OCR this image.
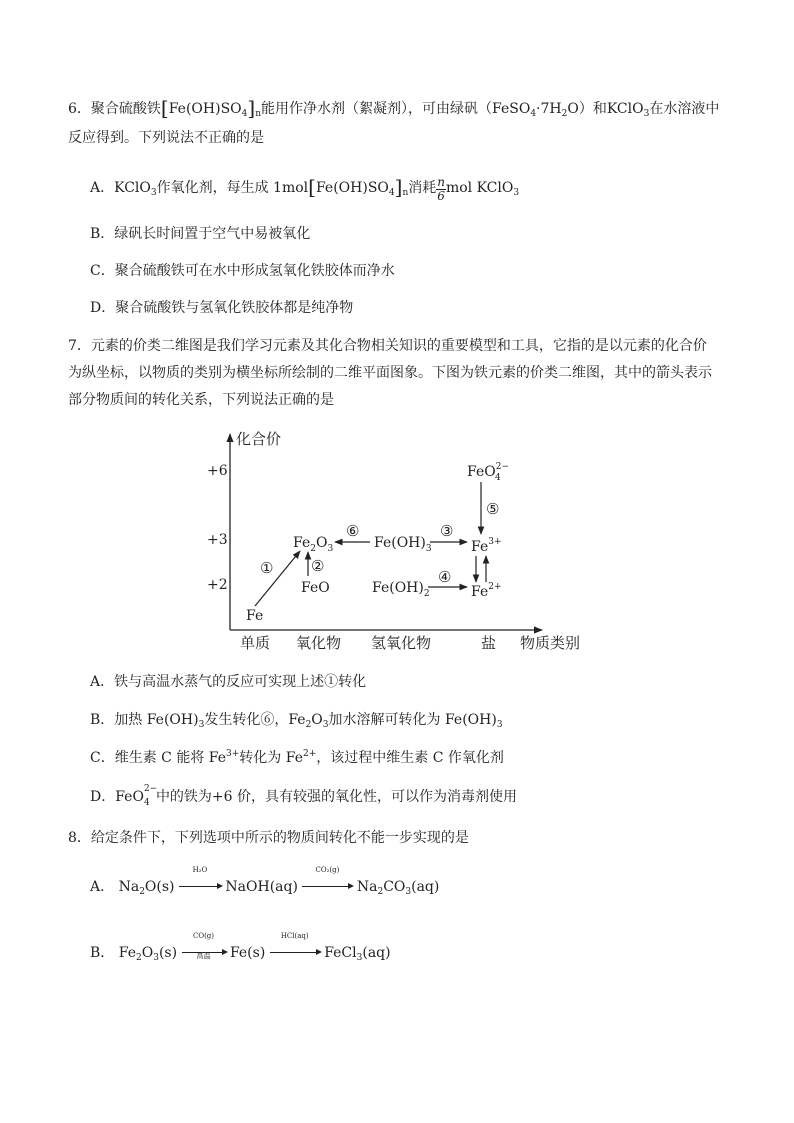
6．聚合硫酸铁$[Fe(OH)SO_4]_n$能用作净水剂（絮凝剂），可由绿矾$(FeSO_4\cdot 7H_2O)$和KClO$_3$在水溶液中
反应得到。下列说法不正确的是
A．KClO$_3$作氧化剂，每生成 $1mol[Fe(OH)SO_4]_n$消耗 $\frac{n}{6}$ mol KClO$_3$
B．绿矾长时间置于空气中易被氧化
C．聚合硫酸铁可在水中形成氢氧化铁胶体而净水
D．聚合硫酸铁与氢氧化铁胶体都是纯净物
7．元素的价类二维图是我们学习元素及其化合物相关知识的重要模型和工具，它指的是以元素的化合价
为纵坐标，以物质的类别为横坐标所绘制的二维平面图象。下图为铁元素的价类二维图，其中的箭头表示
部分物质间的转化关系，下列说法正确的是
化合价
物质类别
+6
+3
+2
单质 氧化物 氢氧化物	盐
Fe
FeO
$Fe_2O_3$	$Fe(OH)_3$
$Fe(OH)_2$
$Fe^{3+}$
$Fe^{2+}$
FeO$^{2-}$ 4
①	②
③
④
⑤
⑥
A．铁与高温水蒸气的反应可实现上述①转化
B．加热 $Fe(OH)_3$发生转化⑥，$Fe_2O_3$加水溶解可转化为 $Fe(OH)_3$
C．维生素 C 能将 $Fe^{3+}$转化为 $Fe^{2+}$，该过程中维生素 C 作氧化剂
D．FeO 2−
4 中的铁为+6 价，具有较强的氧化性，可以作为消毒剂使用
8．给定条件下，下列选项中所示的物质间转化不能一步实现的是
A． $Na_2O(s)$
H₂O
NaOH(aq)
CO₂(g)
$Na_2CO_3(aq)$
B． $Fe_2O_3(s)$
CO(g)
高温	Fe(s)
HCl(aq)
FeCl$_3$(aq)
